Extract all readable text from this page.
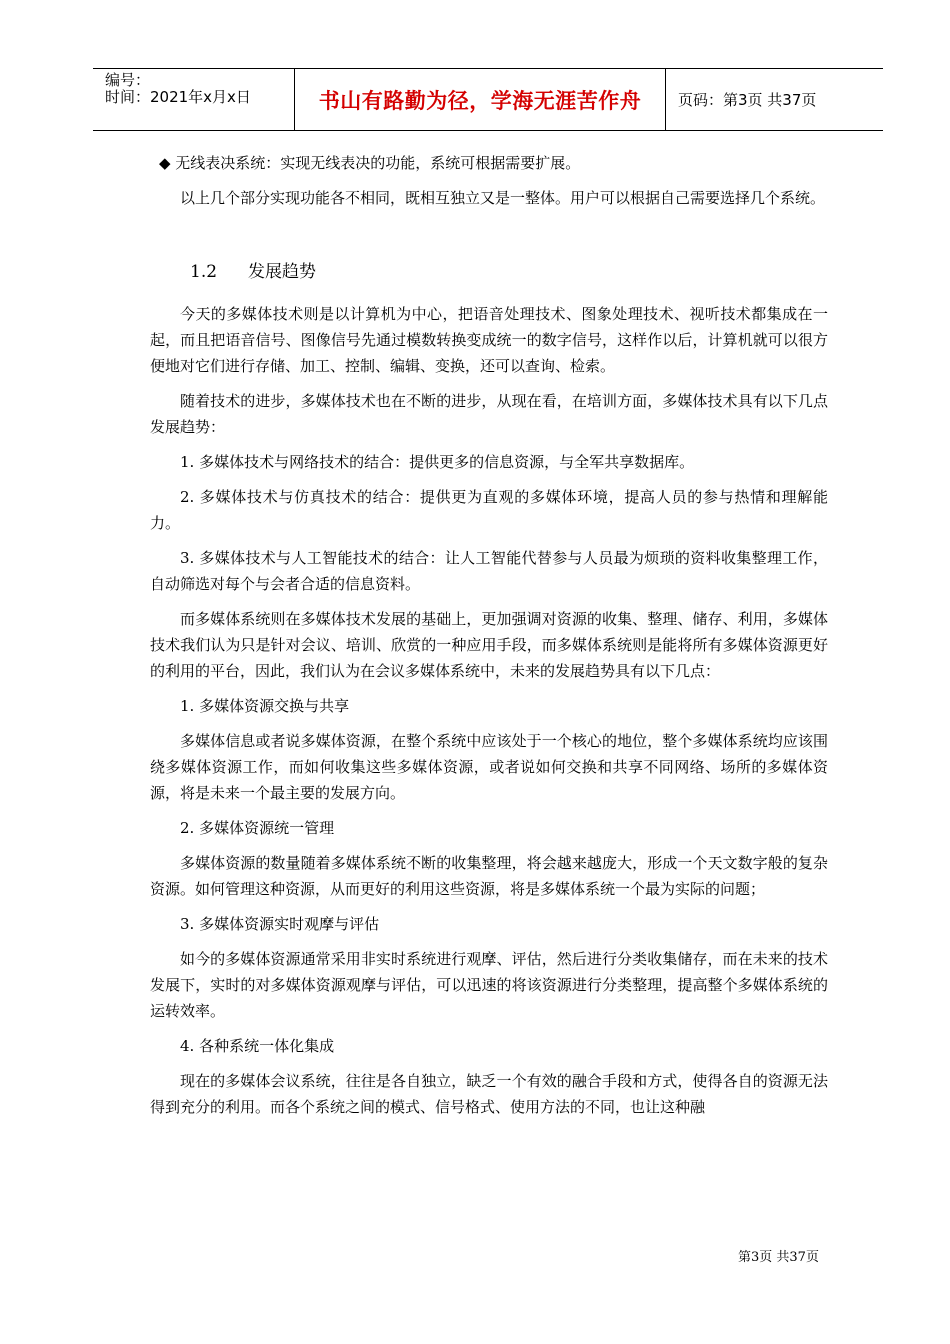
编号：
时间：2021年x月x日	书山有路勤为径，学海无涯苦作舟	页码：第3页 共37页

◆ 无线表决系统：实现无线表决的功能，系统可根据需要扩展。

以上几个部分实现功能各不相同，既相互独立又是一整体。用户可以根据自己需要选择几个系统。

1.2 发展趋势

今天的多媒体技术则是以计算机为中心，把语音处理技术、图象处理技术、视听技术都集成在一起，而且把语音信号、图像信号先通过模数转换变成统一的数字信号，这样作以后，计算机就可以很方便地对它们进行存储、加工、控制、编辑、变换，还可以查询、检索。

随着技术的进步，多媒体技术也在不断的进步，从现在看，在培训方面，多媒体技术具有以下几点发展趋势：

1. 多媒体技术与网络技术的结合：提供更多的信息资源，与全军共享数据库。

2. 多媒体技术与仿真技术的结合：提供更为直观的多媒体环境，提高人员的参与热情和理解能力。

3. 多媒体技术与人工智能技术的结合：让人工智能代替参与人员最为烦琐的资料收集整理工作，自动筛选对每个与会者合适的信息资料。

而多媒体系统则在多媒体技术发展的基础上，更加强调对资源的收集、整理、储存、利用，多媒体技术我们认为只是针对会议、培训、欣赏的一种应用手段，而多媒体系统则是能将所有多媒体资源更好的利用的平台，因此，我们认为在会议多媒体系统中，未来的发展趋势具有以下几点：

1. 多媒体资源交换与共享

多媒体信息或者说多媒体资源，在整个系统中应该处于一个核心的地位，整个多媒体系统均应该围绕多媒体资源工作，而如何收集这些多媒体资源，或者说如何交换和共享不同网络、场所的多媒体资源，将是未来一个最主要的发展方向。

2. 多媒体资源统一管理

多媒体资源的数量随着多媒体系统不断的收集整理，将会越来越庞大，形成一个天文数字般的复杂资源。如何管理这种资源，从而更好的利用这些资源，将是多媒体系统一个最为实际的问题；

3. 多媒体资源实时观摩与评估

如今的多媒体资源通常采用非实时系统进行观摩、评估，然后进行分类收集储存，而在未来的技术发展下，实时的对多媒体资源观摩与评估，可以迅速的将该资源进行分类整理，提高整个多媒体系统的运转效率。

4. 各种系统一体化集成

现在的多媒体会议系统，往往是各自独立，缺乏一个有效的融合手段和方式，使得各自的资源无法得到充分的利用。而各个系统之间的模式、信号格式、使用方法的不同，也让这种融

第3页 共37页
